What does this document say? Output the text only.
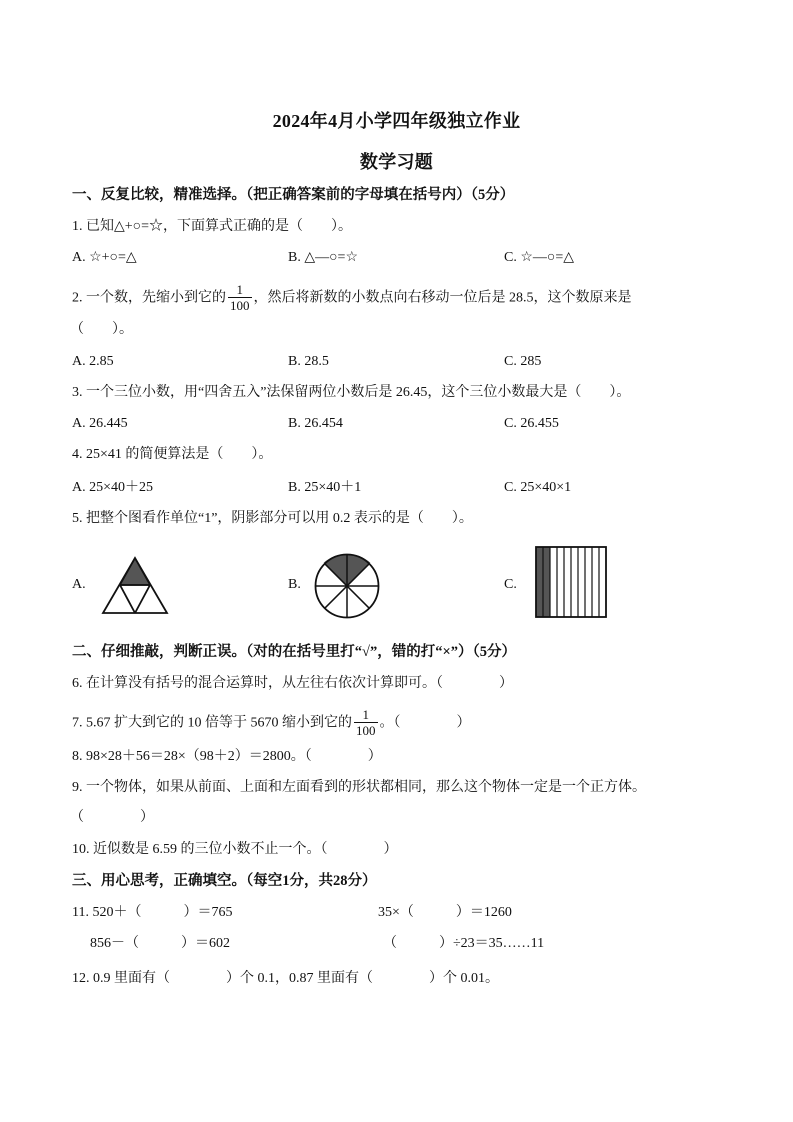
2024年4月小学四年级独立作业
数学习题
一、反复比较，精准选择。（把正确答案前的字母填在括号内）（5分）
1. 已知△+○=☆，下面算式正确的是（　　）。
A. ☆+○=△	B. △—○=☆	C. ☆—○=△
2. 一个数，先缩小到它的 $\frac{1}{100}$ ，然后将新数的小数点向右移动一位后是 28.5，这个数原来是
（　　）。
A. 2.85	B. 28.5	C. 285
3. 一个三位小数，用“四舍五入”法保留两位小数后是 26.45，这个三位小数最大是（　　）。
A. 26.445	B. 26.454	C. 26.455
4. 25×41 的简便算法是（　　）。
A. 25×40＋25	B. 25×40＋1	C. 25×40×1
5. 把整个图看作单位“1”，阴影部分可以用 0.2 表示的是（　　）。
A.	B.	C.
二、仔细推敲，判断正误。（对的在括号里打“√”，错的打“×”）（5分）
6. 在计算没有括号的混合运算时，从左往右依次计算即可。（　　　　）
7. 5.67 扩大到它的 10 倍等于 5670 缩小到它的 $\frac{1}{100}$ 。（　　　　）
8. 98×28＋56＝28×（98＋2）＝2800。（　　　　）
9. 一个物体，如果从前面、上面和左面看到的形状都相同，那么这个物体一定是一个正方体。
（　　　　）
10. 近似数是 6.59 的三位小数不止一个。（　　　　）
三、用心思考，正确填空。（每空1分，共28分）
11. 520＋（　　　）＝765	35×（　　　）＝1260
856－（　　　）＝602	（　　　）÷23＝35……11
12. 0.9 里面有（　　　　）个 0.1，0.87 里面有（　　　　）个 0.01。
